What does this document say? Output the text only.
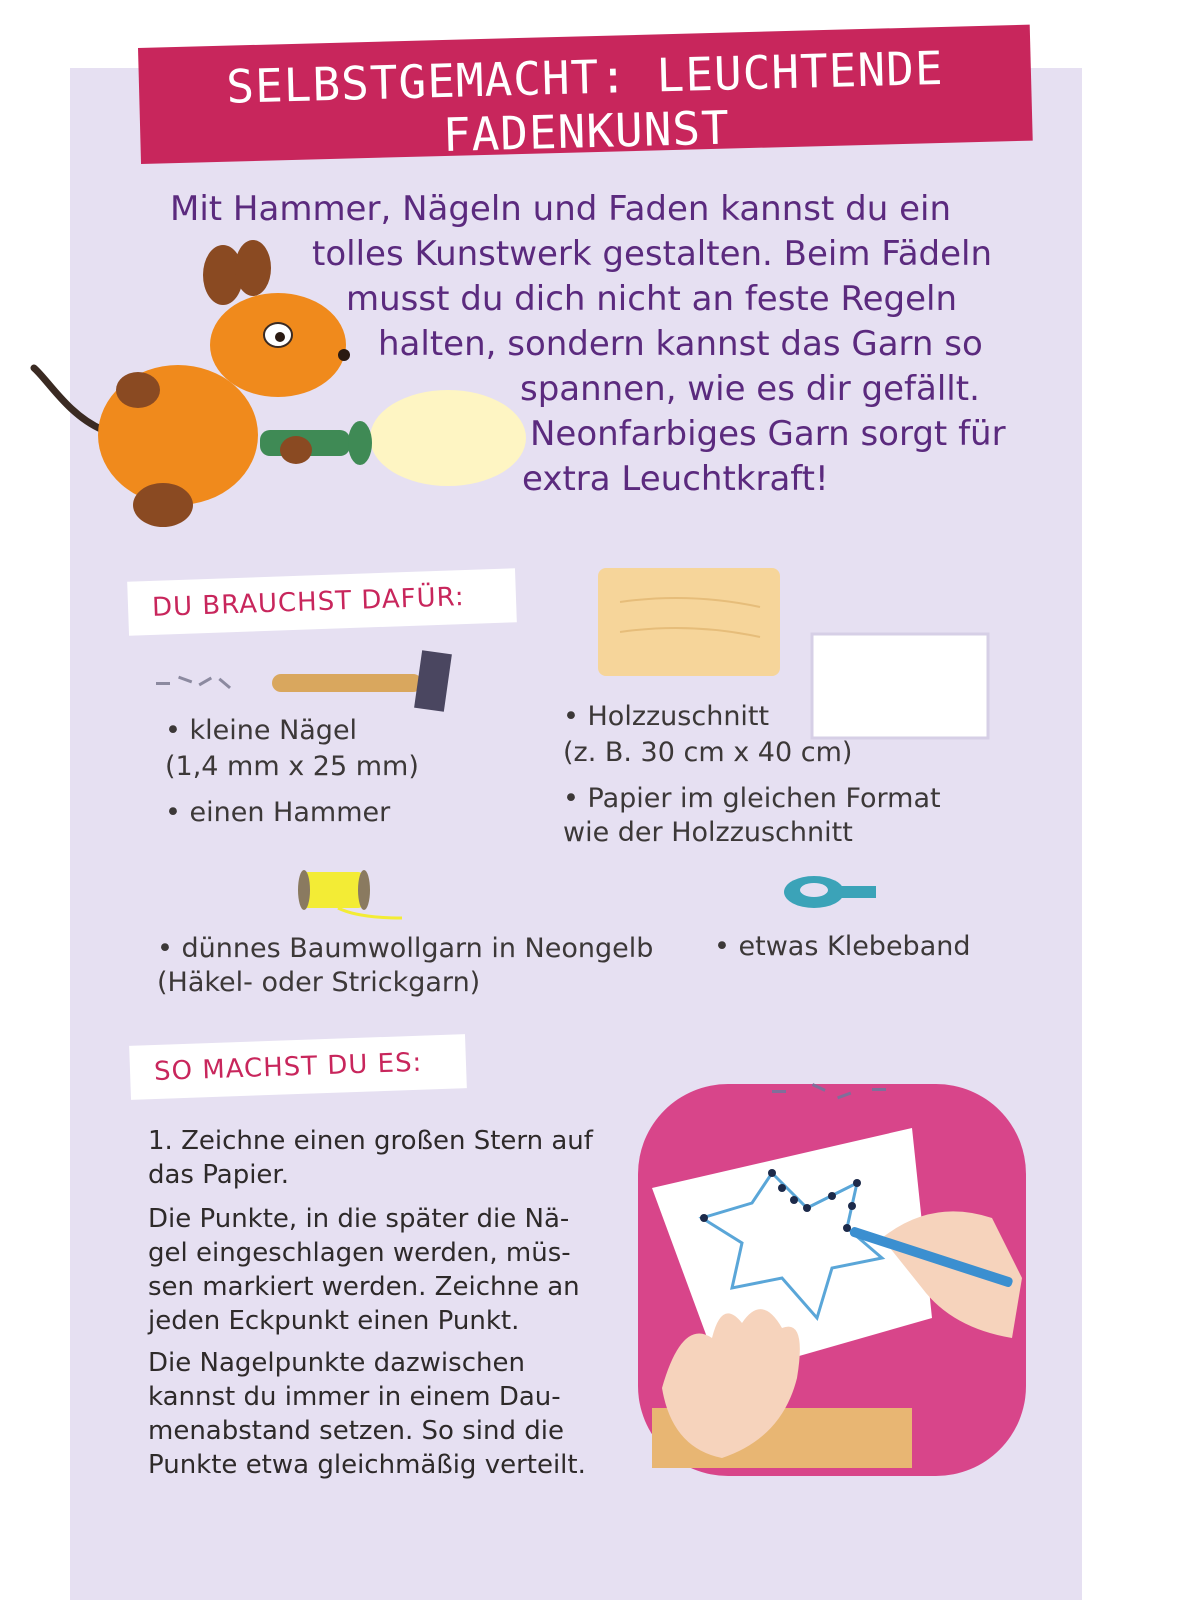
SELBSTGEMACHT: LEUCHTENDE FADENKUNST
Mit Hammer, Nägeln und Faden kannst du ein
tolles Kunstwerk gestalten. Beim Fädeln
musst du dich nicht an feste Regeln
halten, sondern kannst das Garn so
spannen, wie es dir gefällt.
Neonfarbiges Garn sorgt für
extra Leuchtkraft!
DU BRAUCHST DAFÜR:
• kleine Nägel
(1,4 mm x 25 mm)
• einen Hammer
• Holzzuschnitt
(z. B. 30 cm x 40 cm)
• Papier im gleichen Format
wie der Holzzuschnitt
• dünnes Baumwollgarn in Neongelb
(Häkel- oder Strickgarn)
• etwas Klebeband
SO MACHST DU ES:
1. Zeichne einen großen Stern auf
das Papier.
Die Punkte, in die später die Nä-
gel eingeschlagen werden, müs-
sen markiert werden. Zeichne an
jeden Eckpunkt einen Punkt.
Die Nagelpunkte dazwischen
kannst du immer in einem Dau-
menabstand setzen. So sind die
Punkte etwa gleichmäßig verteilt.
